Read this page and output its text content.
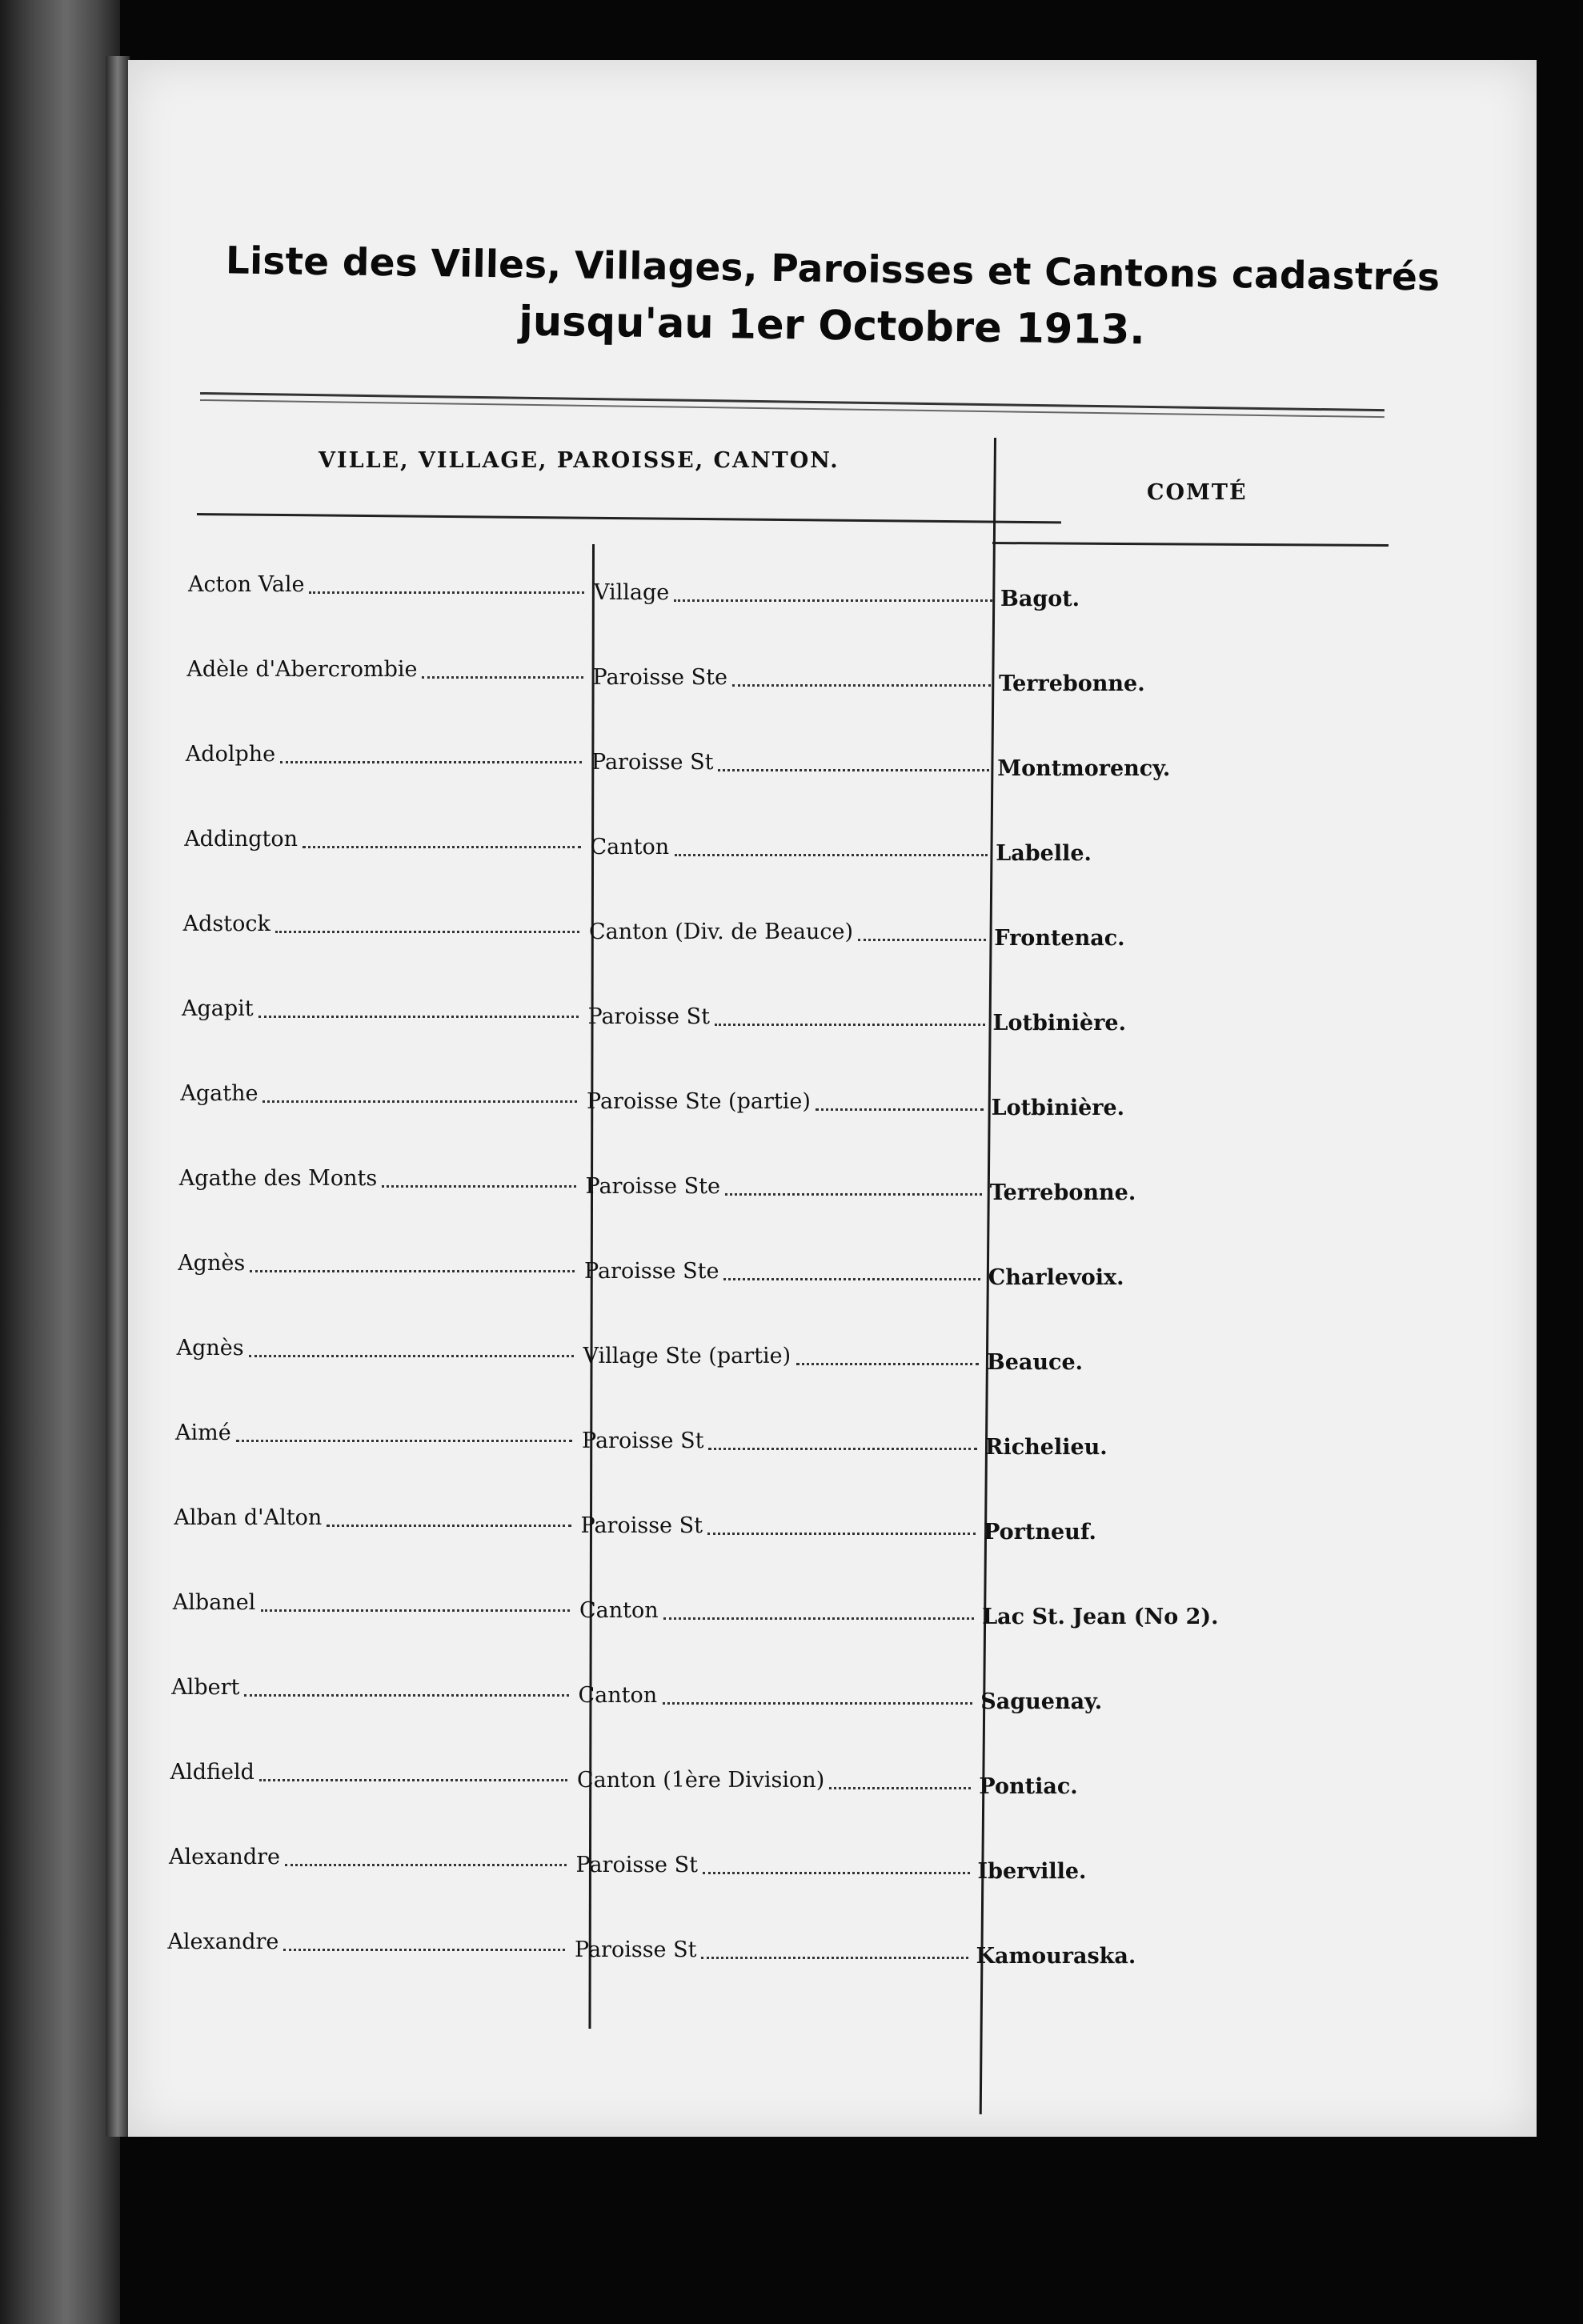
Liste des Villes, Villages, Paroisses et Cantons cadastrés
jusqu'au 1er Octobre 1913.
VILLE, VILLAGE, PAROISSE, CANTON.
COMTÉ
Acton Vale	Village	Bagot.
Adèle d'Abercrombie	Paroisse Ste	Terrebonne.
Adolphe	Paroisse St	Montmorency.
Addington	Canton	Labelle.
Adstock	Canton (Div. de Beauce)	Frontenac.
Agapit	Paroisse St	Lotbinière.
Agathe	Paroisse Ste (partie)	Lotbinière.
Agathe des Monts	Paroisse Ste	Terrebonne.
Agnès	Paroisse Ste	Charlevoix.
Agnès	Village Ste (partie)	Beauce.
Aimé	Paroisse St	Richelieu.
Alban d'Alton	Paroisse St	Portneuf.
Albanel	Canton	Lac St. Jean (No 2).
Albert	Canton	Saguenay.
Aldfield	Canton (1ère Division)	Pontiac.
Alexandre	Paroisse St	Iberville.
Alexandre	Paroisse St	Kamouraska.
